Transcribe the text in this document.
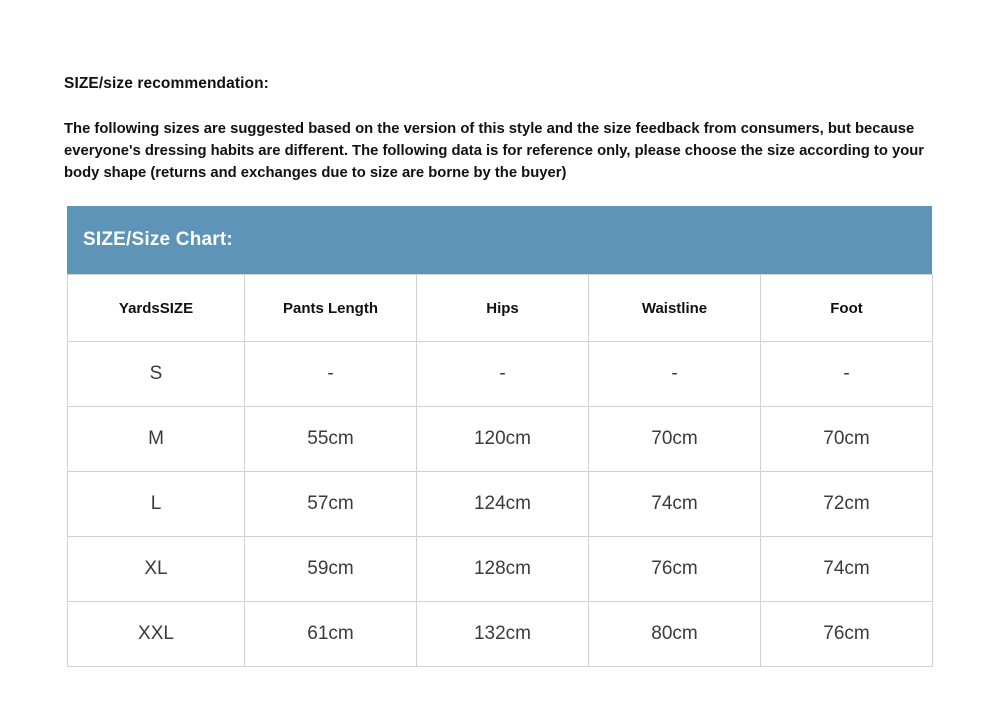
SIZE/size recommendation:
The following sizes are suggested based on the version of this style and the size feedback from consumers, but because everyone's dressing habits are different. The following data is for reference only, please choose the size according to your body shape (returns and exchanges due to size are borne by the buyer)
SIZE/Size Chart:
YardsSIZE	Pants Length	Hips	Waistline	Foot
S	-	-	-	-
M	55cm	120cm	70cm	70cm
L	57cm	124cm	74cm	72cm
XL	59cm	128cm	76cm	74cm
XXL	61cm	132cm	80cm	76cm
